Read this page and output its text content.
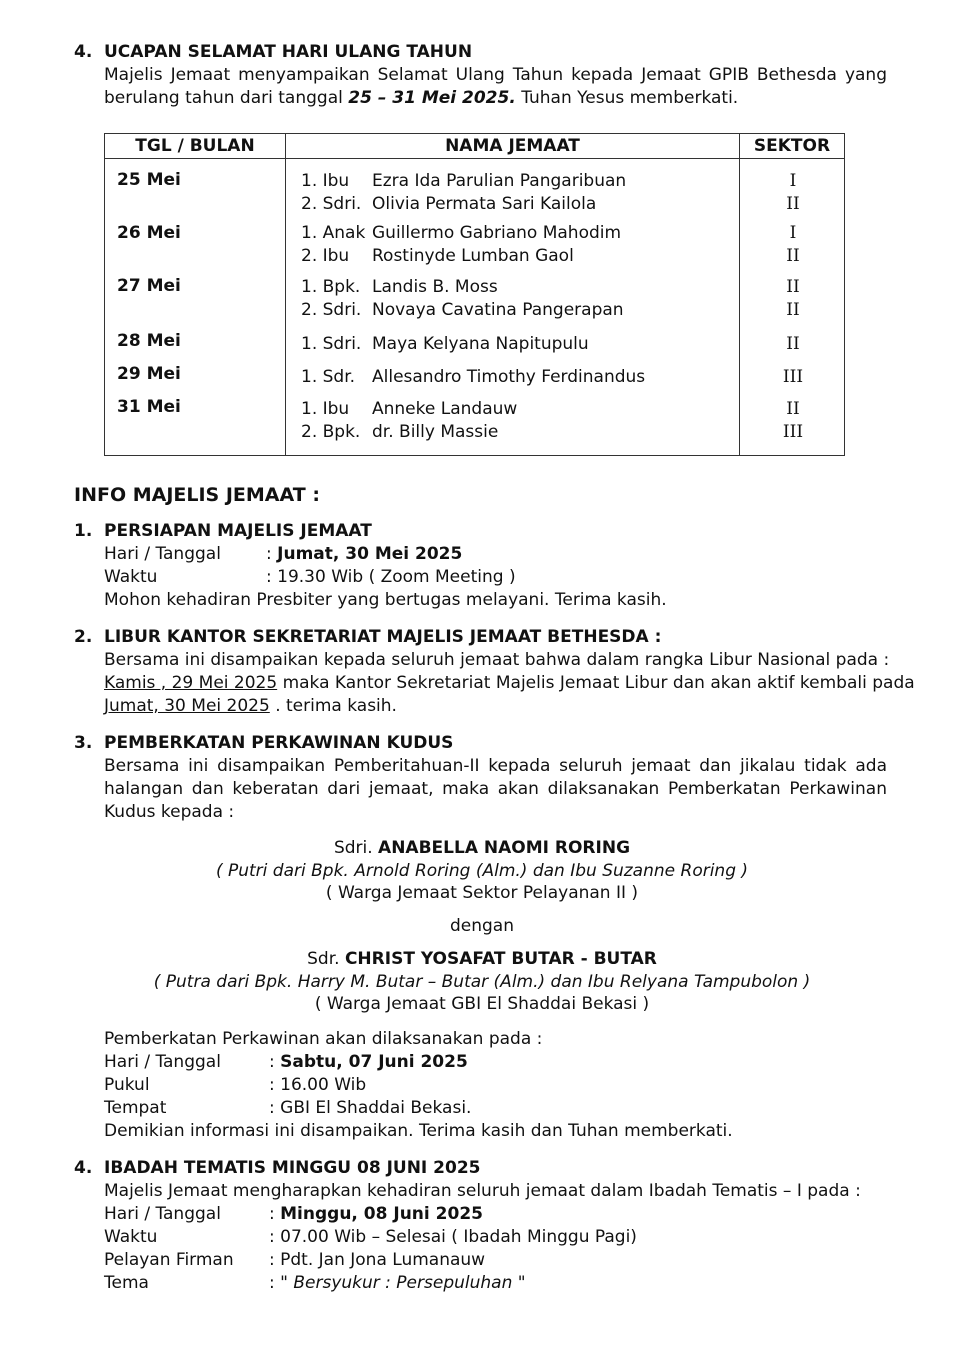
4. UCAPAN SELAMAT HARI ULANG TAHUN
Majelis Jemaat menyampaikan Selamat Ulang Tahun kepada Jemaat GPIB Bethesda yang berulang tahun dari tanggal 25 – 31 Mei 2025. Tuhan Yesus memberkati.
TGL / BULAN	NAMA JEMAAT	SEKTOR
25 Mei	1. Ibu Ezra Ida Parulian Pangaribuan	I
2. Sdri. Olivia Permata Sari Kailola	II
26 Mei	1. Anak Guillermo Gabriano Mahodim	I
2. Ibu Rostinyde Lumban Gaol	II
27 Mei	1. Bpk. Landis B. Moss	II
2. Sdri. Novaya Cavatina Pangerapan	II
28 Mei	1. Sdri. Maya Kelyana Napitupulu	II
29 Mei	1. Sdr. Allesandro Timothy Ferdinandus	III
31 Mei	1. Ibu Anneke Landauw	II
2. Bpk. dr. Billy Massie	III
INFO MAJELIS JEMAAT :
1. PERSIAPAN MAJELIS JEMAAT
Hari / Tanggal	: Jumat, 30 Mei 2025
Waktu	: 19.30 Wib ( Zoom Meeting )
Mohon kehadiran Presbiter yang bertugas melayani. Terima kasih.
2. LIBUR KANTOR SEKRETARIAT MAJELIS JEMAAT BETHESDA :
Bersama ini disampaikan kepada seluruh jemaat bahwa dalam rangka Libur Nasional pada :
Kamis , 29 Mei 2025 maka Kantor Sekretariat Majelis Jemaat Libur dan akan aktif kembali pada
Jumat, 30 Mei 2025 . terima kasih.
3. PEMBERKATAN PERKAWINAN KUDUS
Bersama ini disampaikan Pemberitahuan-II kepada seluruh jemaat dan jikalau tidak ada halangan dan keberatan dari jemaat, maka akan dilaksanakan Pemberkatan Perkawinan Kudus kepada :
Sdri. ANABELLA NAOMI RORING
( Putri dari Bpk. Arnold Roring (Alm.) dan Ibu Suzanne Roring )
( Warga Jemaat Sektor Pelayanan II )
dengan
Sdr. CHRIST YOSAFAT BUTAR - BUTAR
( Putra dari Bpk. Harry M. Butar – Butar (Alm.) dan Ibu Relyana Tampubolon )
( Warga Jemaat GBI El Shaddai Bekasi )
Pemberkatan Perkawinan akan dilaksanakan pada :
Hari / Tanggal	: Sabtu, 07 Juni 2025
Pukul	: 16.00 Wib
Tempat	: GBI El Shaddai Bekasi.
Demikian informasi ini disampaikan. Terima kasih dan Tuhan memberkati.
4. IBADAH TEMATIS MINGGU 08 JUNI 2025
Majelis Jemaat mengharapkan kehadiran seluruh jemaat dalam Ibadah Tematis – I pada :
Hari / Tanggal	: Minggu, 08 Juni 2025
Waktu	: 07.00 Wib – Selesai ( Ibadah Minggu Pagi)
Pelayan Firman : Pdt. Jan Jona Lumanauw
Tema	: " Bersyukur : Persepuluhan "
